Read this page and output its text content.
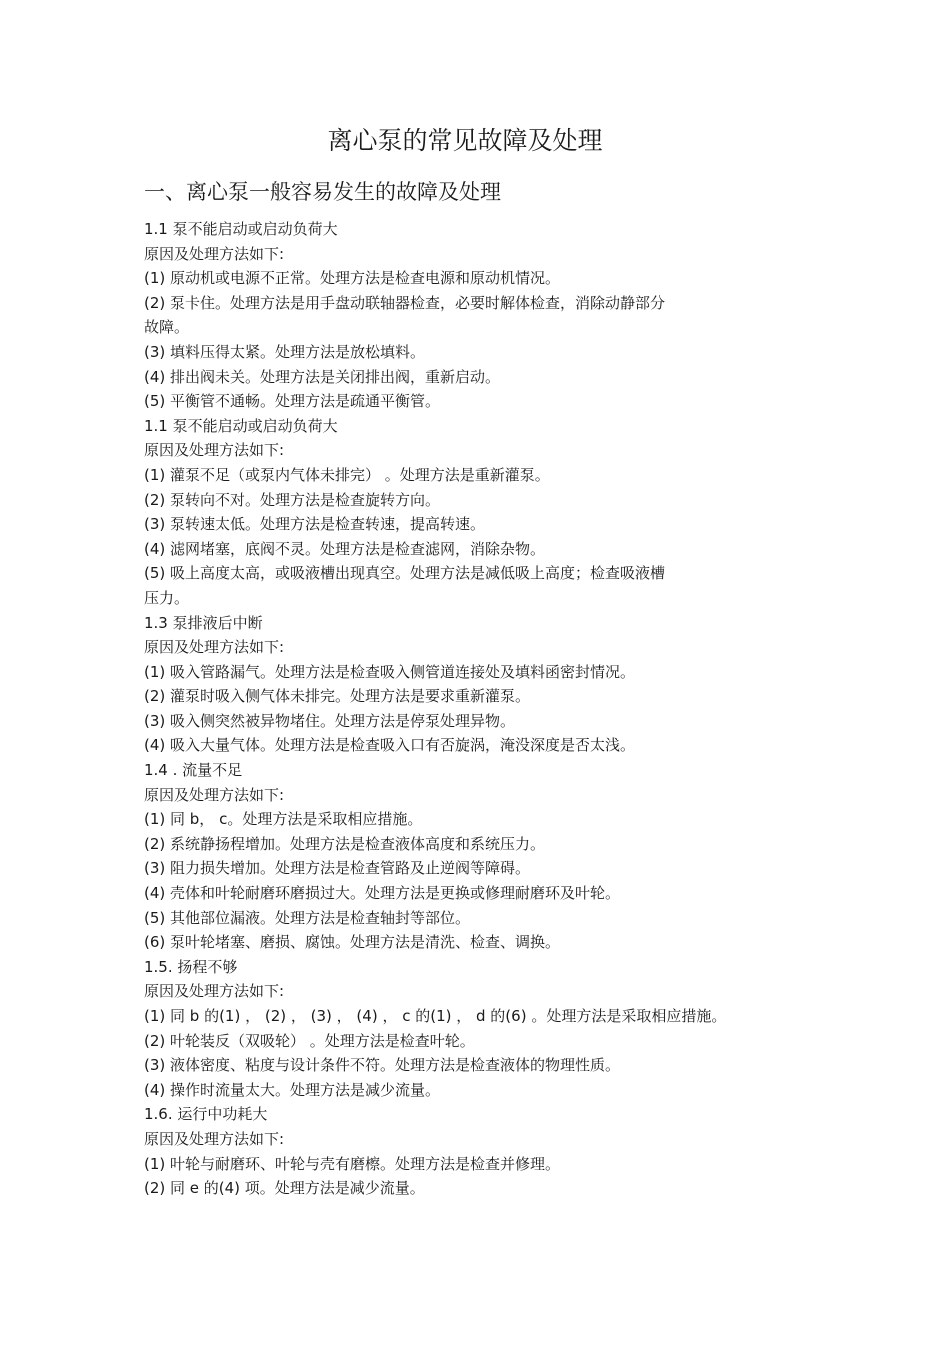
离心泵的常见故障及处理
一、离心泵一般容易发生的故障及处理
1.1 泵不能启动或启动负荷大
原因及处理方法如下:
(1) 原动机或电源不正常。处理方法是检查电源和原动机情况。
(2) 泵卡住。处理方法是用手盘动联轴器检查，必要时解体检查，消除动静部分
故障。
(3) 填料压得太紧。处理方法是放松填料。
(4) 排出阀未关。处理方法是关闭排出阀，重新启动。
(5) 平衡管不通畅。处理方法是疏通平衡管。
1.1 泵不能启动或启动负荷大
原因及处理方法如下:
(1) 灌泵不足（或泵内气体未排完） 。处理方法是重新灌泵。
(2) 泵转向不对。处理方法是检查旋转方向。
(3) 泵转速太低。处理方法是检查转速，提高转速。
(4) 滤网堵塞，底阀不灵。处理方法是检查滤网，消除杂物。
(5) 吸上高度太高，或吸液槽出现真空。处理方法是减低吸上高度；检查吸液槽
压力。
1.3 泵排液后中断
原因及处理方法如下:
(1) 吸入管路漏气。处理方法是检查吸入侧管道连接处及填料函密封情况。
(2) 灌泵时吸入侧气体未排完。处理方法是要求重新灌泵。
(3) 吸入侧突然被异物堵住。处理方法是停泵处理异物。
(4) 吸入大量气体。处理方法是检查吸入口有否旋涡，淹没深度是否太浅。
1.4 . 流量不足
原因及处理方法如下:
(1) 同 b， c。处理方法是采取相应措施。
(2) 系统静扬程增加。处理方法是检查液体高度和系统压力。
(3) 阻力损失增加。处理方法是检查管路及止逆阀等障碍。
(4) 壳体和叶轮耐磨环磨损过大。处理方法是更换或修理耐磨环及叶轮。
(5) 其他部位漏液。处理方法是检查轴封等部位。
(6) 泵叶轮堵塞、磨损、腐蚀。处理方法是清洗、检查、调换。
1.5. 扬程不够
原因及处理方法如下:
(1) 同 b 的(1) ， (2) ， (3) ， (4) ， c 的(1) ， d 的(6) 。处理方法是采取相应措施。
(2) 叶轮装反（双吸轮） 。处理方法是检查叶轮。
(3) 液体密度、粘度与设计条件不符。处理方法是检查液体的物理性质。
(4) 操作时流量太大。处理方法是减少流量。
1.6. 运行中功耗大
原因及处理方法如下:
(1) 叶轮与耐磨环、叶轮与壳有磨檫。处理方法是检查并修理。
(2) 同 e 的(4) 项。处理方法是减少流量。
